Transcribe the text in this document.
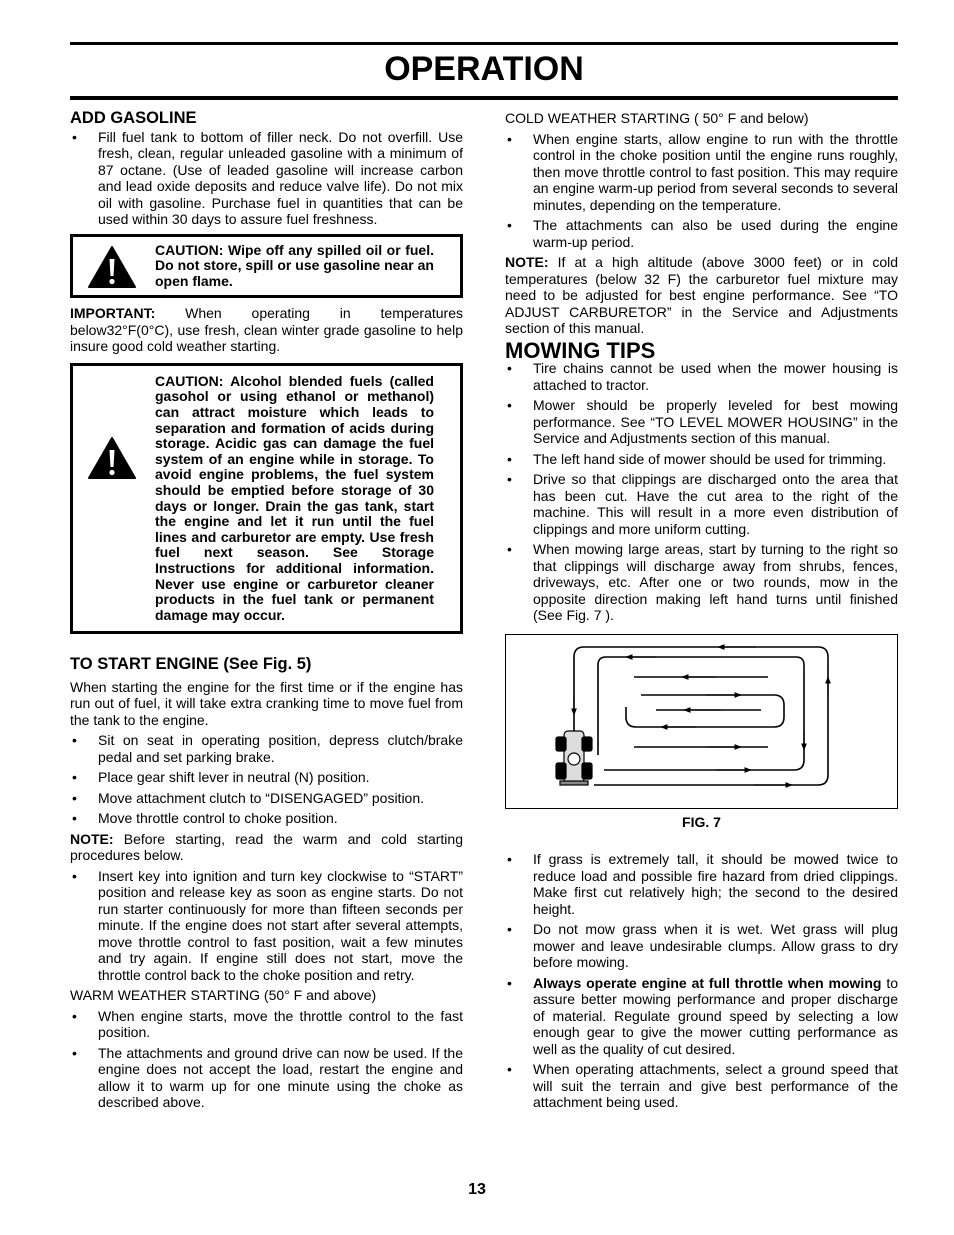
OPERATION
ADD GASOLINE
• Fill fuel tank to bottom of filler neck. Do not overfill. Use fresh, clean, regular unleaded gasoline with a minimum of 87 octane. (Use of leaded gasoline will increase carbon and lead oxide deposits and reduce valve life). Do not mix oil with gasoline. Purchase fuel in quantities that can be used within 30 days to assure fuel freshness.
CAUTION: Wipe off any spilled oil or fuel. Do not store, spill or use gasoline near an open flame.

IMPORTANT: When operating in temperatures below32°F(0°C), use fresh, clean winter grade gasoline to help insure good cold weather starting.

CAUTION: Alcohol blended fuels (called gasohol or using ethanol or methanol) can attract moisture which leads to separation and formation of acids during storage. Acidic gas can damage the fuel system of an engine while in storage. To avoid engine problems, the fuel system should be emptied before storage of 30 days or longer. Drain the gas tank, start the engine and let it run until the fuel lines and carburetor are empty. Use fresh fuel next season. See Storage Instructions for additional information. Never use engine or carburetor cleaner products in the fuel tank or permanent damage may occur.
TO START ENGINE (See Fig. 5)

When starting the engine for the first time or if the engine has run out of fuel, it will take extra cranking time to move fuel from the tank to the engine.

• Sit on seat in operating position, depress clutch/brake pedal and set parking brake.
• Place gear shift lever in neutral (N) position.
• Move attachment clutch to “DISENGAGED” position.
• Move throttle control to choke position.

NOTE: Before starting, read the warm and cold starting procedures below.

• Insert key into ignition and turn key clockwise to “START” position and release key as soon as engine starts. Do not run starter continuously for more than fifteen seconds per minute. If the engine does not start after several attempts, move throttle control to fast position, wait a few minutes and try again. If engine still does not start, move the throttle control back to the choke position and retry.

WARM WEATHER STARTING (50° F and above)

• When engine starts, move the throttle control to the fast position.
• The attachments and ground drive can now be used. If the engine does not accept the load, restart the engine and allow it to warm up for one minute using the choke as described above.

COLD WEATHER STARTING ( 50° F and below)

• When engine starts, allow engine to run with the throttle control in the choke position until the engine runs roughly, then move throttle control to fast position. This may require an engine warm-up period from several seconds to several minutes, depending on the temperature.
• The attachments can also be used during the engine warm-up period.

NOTE: If at a high altitude (above 3000 feet) or in cold temperatures (below 32 F) the carburetor fuel mixture may need to be adjusted for best engine performance. See “TO ADJUST CARBURETOR” in the Service and Adjustments section of this manual.

MOWING TIPS
• Tire chains cannot be used when the mower housing is attached to tractor.
• Mower should be properly leveled for best mowing performance. See “TO LEVEL MOWER HOUSING” in the Service and Adjustments section of this manual.
• The left hand side of mower should be used for trimming.
• Drive so that clippings are discharged onto the area that has been cut. Have the cut area to the right of the machine. This will result in a more even distribution of clippings and more uniform cutting.
• When mowing large areas, start by turning to the right so that clippings will discharge away from shrubs, fences, driveways, etc. After one or two rounds, mow in the opposite direction making left hand turns until finished (See Fig. 7 ).
FIG. 7
• If grass is extremely tall, it should be mowed twice to reduce load and possible fire hazard from dried clippings. Make first cut relatively high; the second to the desired height.
• Do not mow grass when it is wet. Wet grass will plug mower and leave undesirable clumps. Allow grass to dry before mowing.
• Always operate engine at full throttle when mowing to assure better mowing performance and proper discharge of material. Regulate ground speed by selecting a low enough gear to give the mower cutting performance as well as the quality of cut desired.
• When operating attachments, select a ground speed that will suit the terrain and give best performance of the attachment being used.
13
